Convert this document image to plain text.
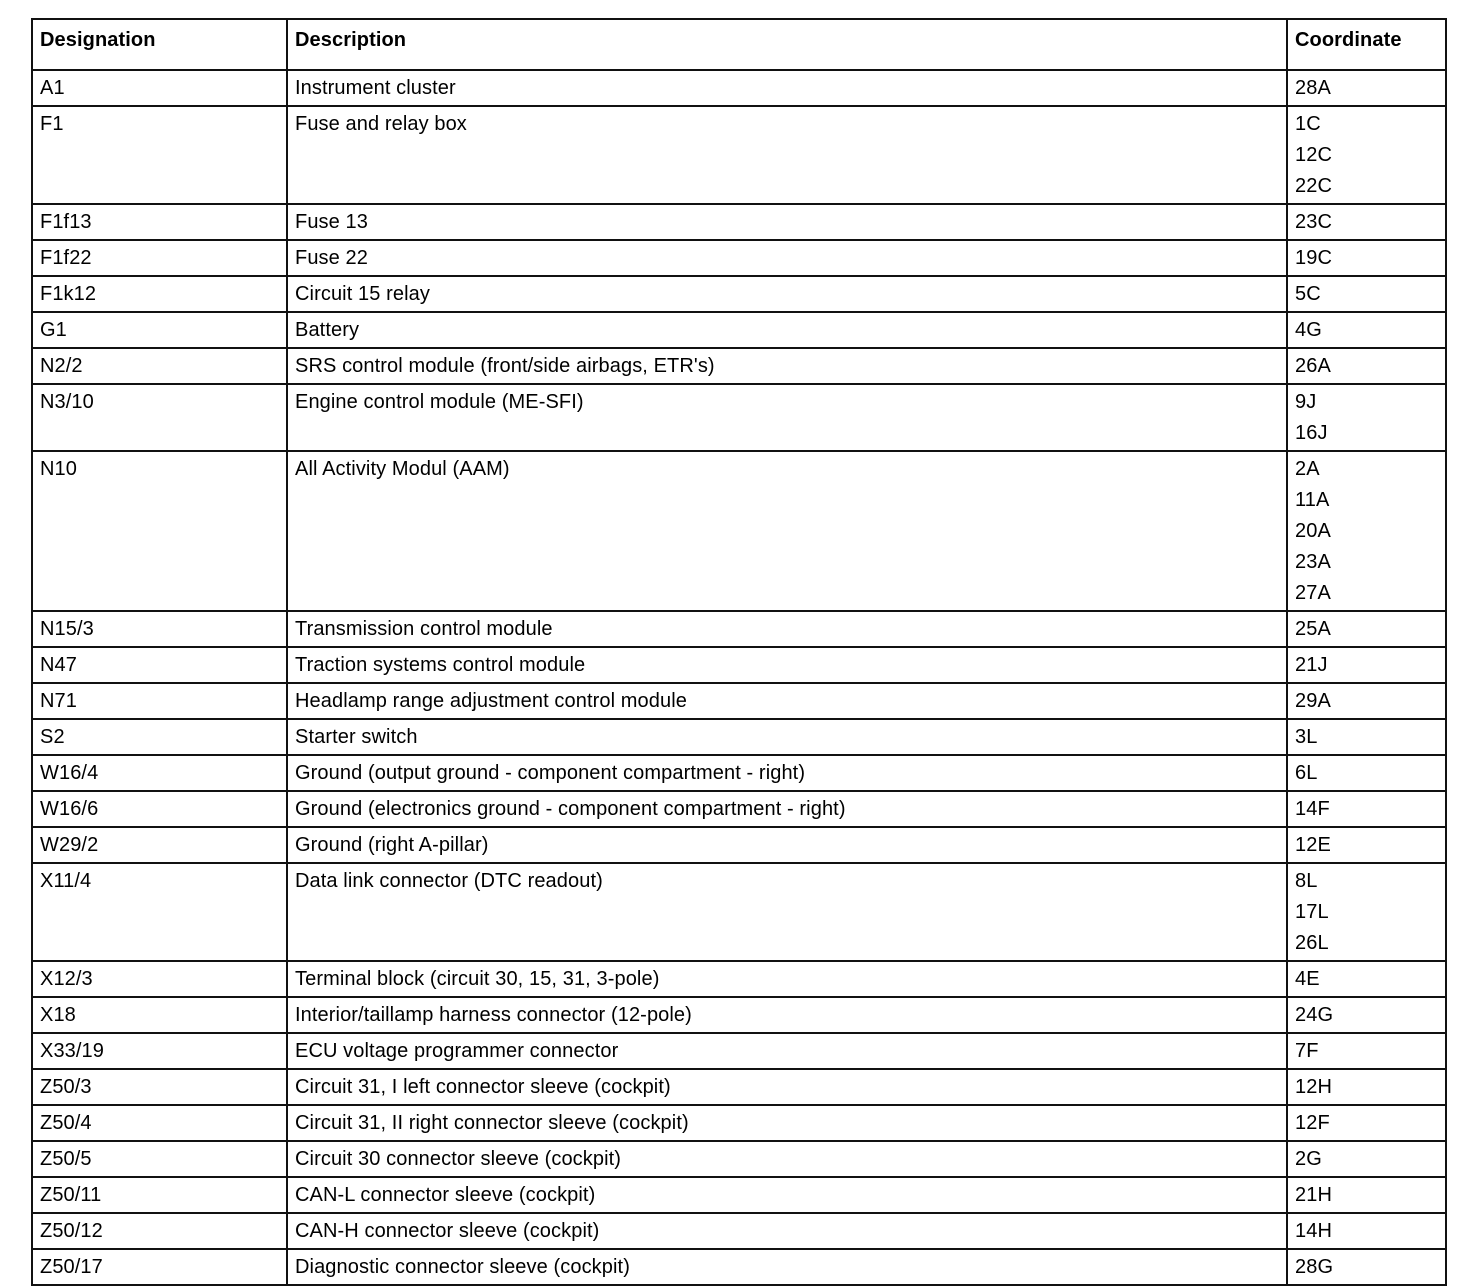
Designation	Description	Coordinate
A1	Instrument cluster	28A

F1	Fuse and relay box	1C
12C
22C

F1f13	Fuse 13	23C

F1f22	Fuse 22	19C

F1k12	Circuit 15 relay	5C

G1	Battery	4G

N2/2	SRS control module (front/side airbags, ETR's)	26A

N3/10	Engine control module (ME-SFI)	9J
16J

N10	All Activity Modul (AAM)	2A
11A
20A
23A
27A

N15/3	Transmission control module	25A

N47	Traction systems control module	21J

N71	Headlamp range adjustment control module	29A

S2	Starter switch	3L

W16/4	Ground (output ground - component compartment - right)	6L

W16/6	Ground (electronics ground - component compartment - right)	14F

W29/2	Ground (right A-pillar)	12E

X11/4	Data link connector (DTC readout)	8L
17L
26L

X12/3	Terminal block (circuit 30, 15, 31, 3-pole)	4E

X18	Interior/taillamp harness connector (12-pole)	24G

X33/19	ECU voltage programmer connector	7F

Z50/3	Circuit 31, I left connector sleeve (cockpit)	12H

Z50/4	Circuit 31, II right connector sleeve (cockpit)	12F

Z50/5	Circuit 30 connector sleeve (cockpit)	2G

Z50/11	CAN-L connector sleeve (cockpit)	21H

Z50/12	CAN-H connector sleeve (cockpit)	14H

Z50/17	Diagnostic connector sleeve (cockpit)	28G
